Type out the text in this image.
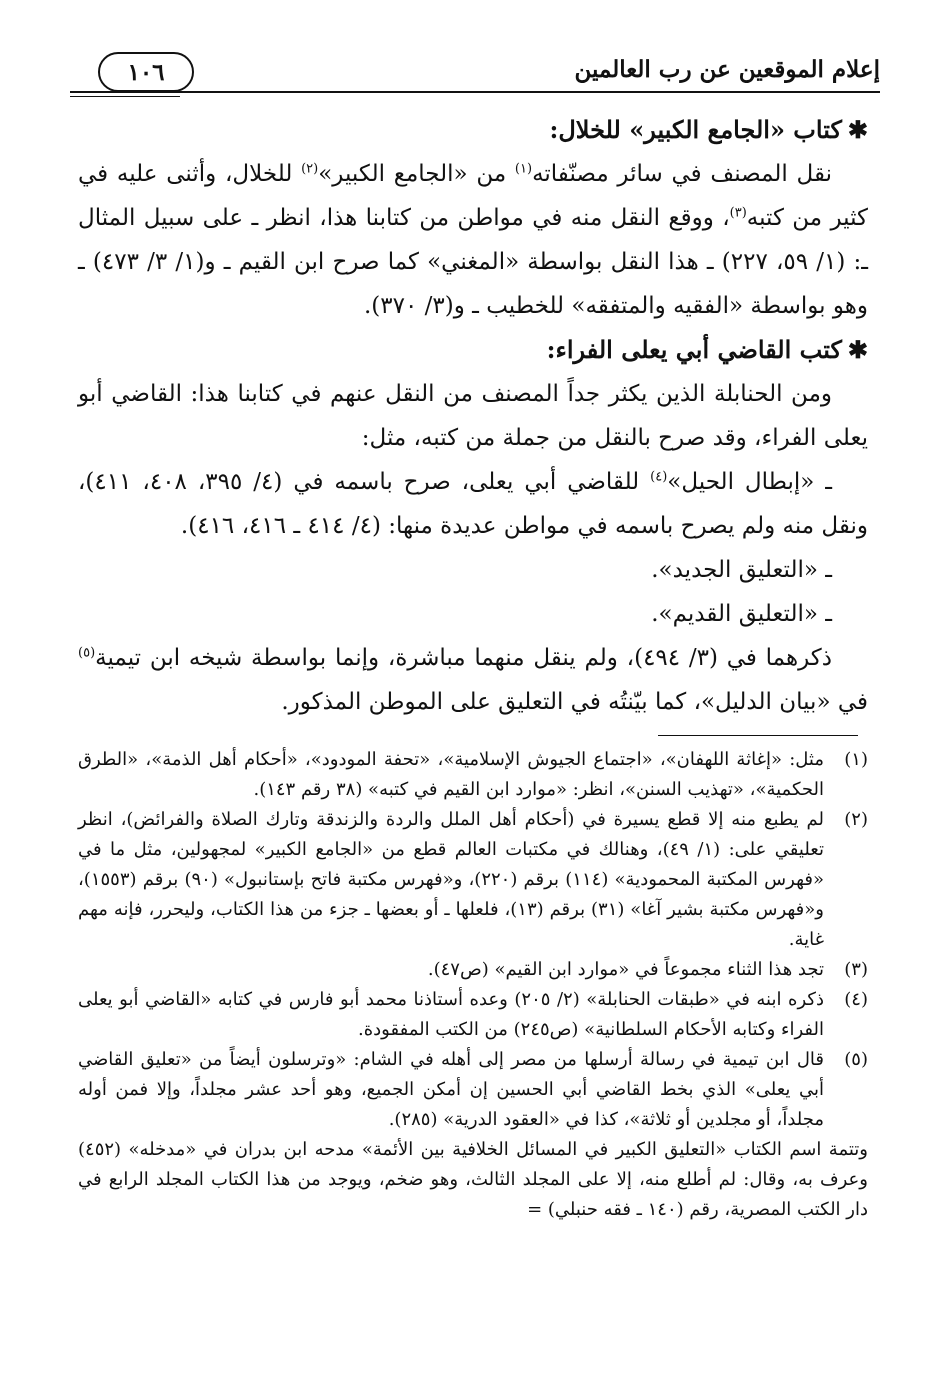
إعلام الموقعين عن رب العالمين
١٠٦

✱كتاب «الجامع الكبير» للخلال:

نقل المصنف في سائر مصنّفاته$^{(١)}$ من «الجامع الكبير»$^{(٢)}$ للخلال، وأثنى عليه في كثير من كتبه$^{(٣)}$، ووقع النقل منه في مواطن من كتابنا هذا، انظر ـ على سبيل المثال ـ: (١/ ٥٩، ٢٢٧) ـ هذا النقل بواسطة «المغني» كما صرح ابن القيم ـ و(١/ ٣/ ٤٧٣) ـ وهو بواسطة «الفقيه والمتفقه» للخطيب ـ و(٣/ ٣٧٠).

✱كتب القاضي أبي يعلى الفراء:

ومن الحنابلة الذين يكثر جداً المصنف من النقل عنهم في كتابنا هذا: القاضي أبو يعلى الفراء، وقد صرح بالنقل من جملة من كتبه، مثل:

ـ «إبطال الحيل»$^{(٤)}$ للقاضي أبي يعلى، صرح باسمه في (٤/ ٣٩٥، ٤٠٨، ٤١١)، ونقل منه ولم يصرح باسمه في مواطن عديدة منها: (٤/ ٤١٤ ـ ٤١٦، ٤١٦).

ـ «التعليق الجديد».

ـ «التعليق القديم».

ذكرهما في (٣/ ٤٩٤)، ولم ينقل منهما مباشرة، وإنما بواسطة شيخه ابن تيمية$^{(٥)}$ في «بيان الدليل»، كما بيّنتُه في التعليق على الموطن المذكور.

(١)
مثل: «إغاثة اللهفان»، «اجتماع الجيوش الإسلامية»، «تحفة المودود»، «أحكام أهل الذمة»، «الطرق الحكمية»، «تهذيب السنن»، انظر: «موارد ابن القيم في كتبه» (٣٨ رقم ١٤٣).
(٢)
لم يطبع منه إلا قطع يسيرة في (أحكام أهل الملل والردة والزندقة وتارك الصلاة والفرائض)، انظر تعليقي على: (١/ ٤٩)، وهنالك في مكتبات العالم قطع من «الجامع الكبير» لمجهولين، مثل ما في «فهرس المكتبة المحمودية» (١١٤) برقم (٢٢٠)، و«فهرس مكتبة فاتح بإستانبول» (٩٠) برقم (١٥٥٣)، و«فهرس مكتبة بشير آغا» (٣١) برقم (١٣)، فلعلها ـ أو بعضها ـ جزء من هذا الكتاب، وليحرر، فإنه مهم غاية.
(٣)
تجد هذا الثناء مجموعاً في «موارد ابن القيم» (ص٤٧).
(٤)
ذكره ابنه في «طبقات الحنابلة» (٢/ ٢٠٥) وعده أستاذنا محمد أبو فارس في كتابه «القاضي أبو يعلى الفراء وكتابه الأحكام السلطانية» (ص٢٤٥) من الكتب المفقودة.
(٥)
قال ابن تيمية في رسالة أرسلها من مصر إلى أهله في الشام: «وترسلون أيضاً من «تعليق القاضي أبي يعلى» الذي بخط القاضي أبي الحسين إن أمكن الجميع، وهو أحد عشر مجلداً، وإلا فمن أوله مجلداً، أو مجلدين أو ثلاثة»، كذا في «العقود الدرية» (٢٨٥).

وتتمة اسم الكتاب «التعليق الكبير في المسائل الخلافية بين الأئمة» مدحه ابن بدران في «مدخله» (٤٥٢) وعرف به، وقال: لم أطلع منه، إلا على المجلد الثالث، وهو ضخم، ويوجد من هذا الكتاب المجلد الرابع في دار الكتب المصرية، رقم (١٤٠ ـ فقه حنبلي) =
